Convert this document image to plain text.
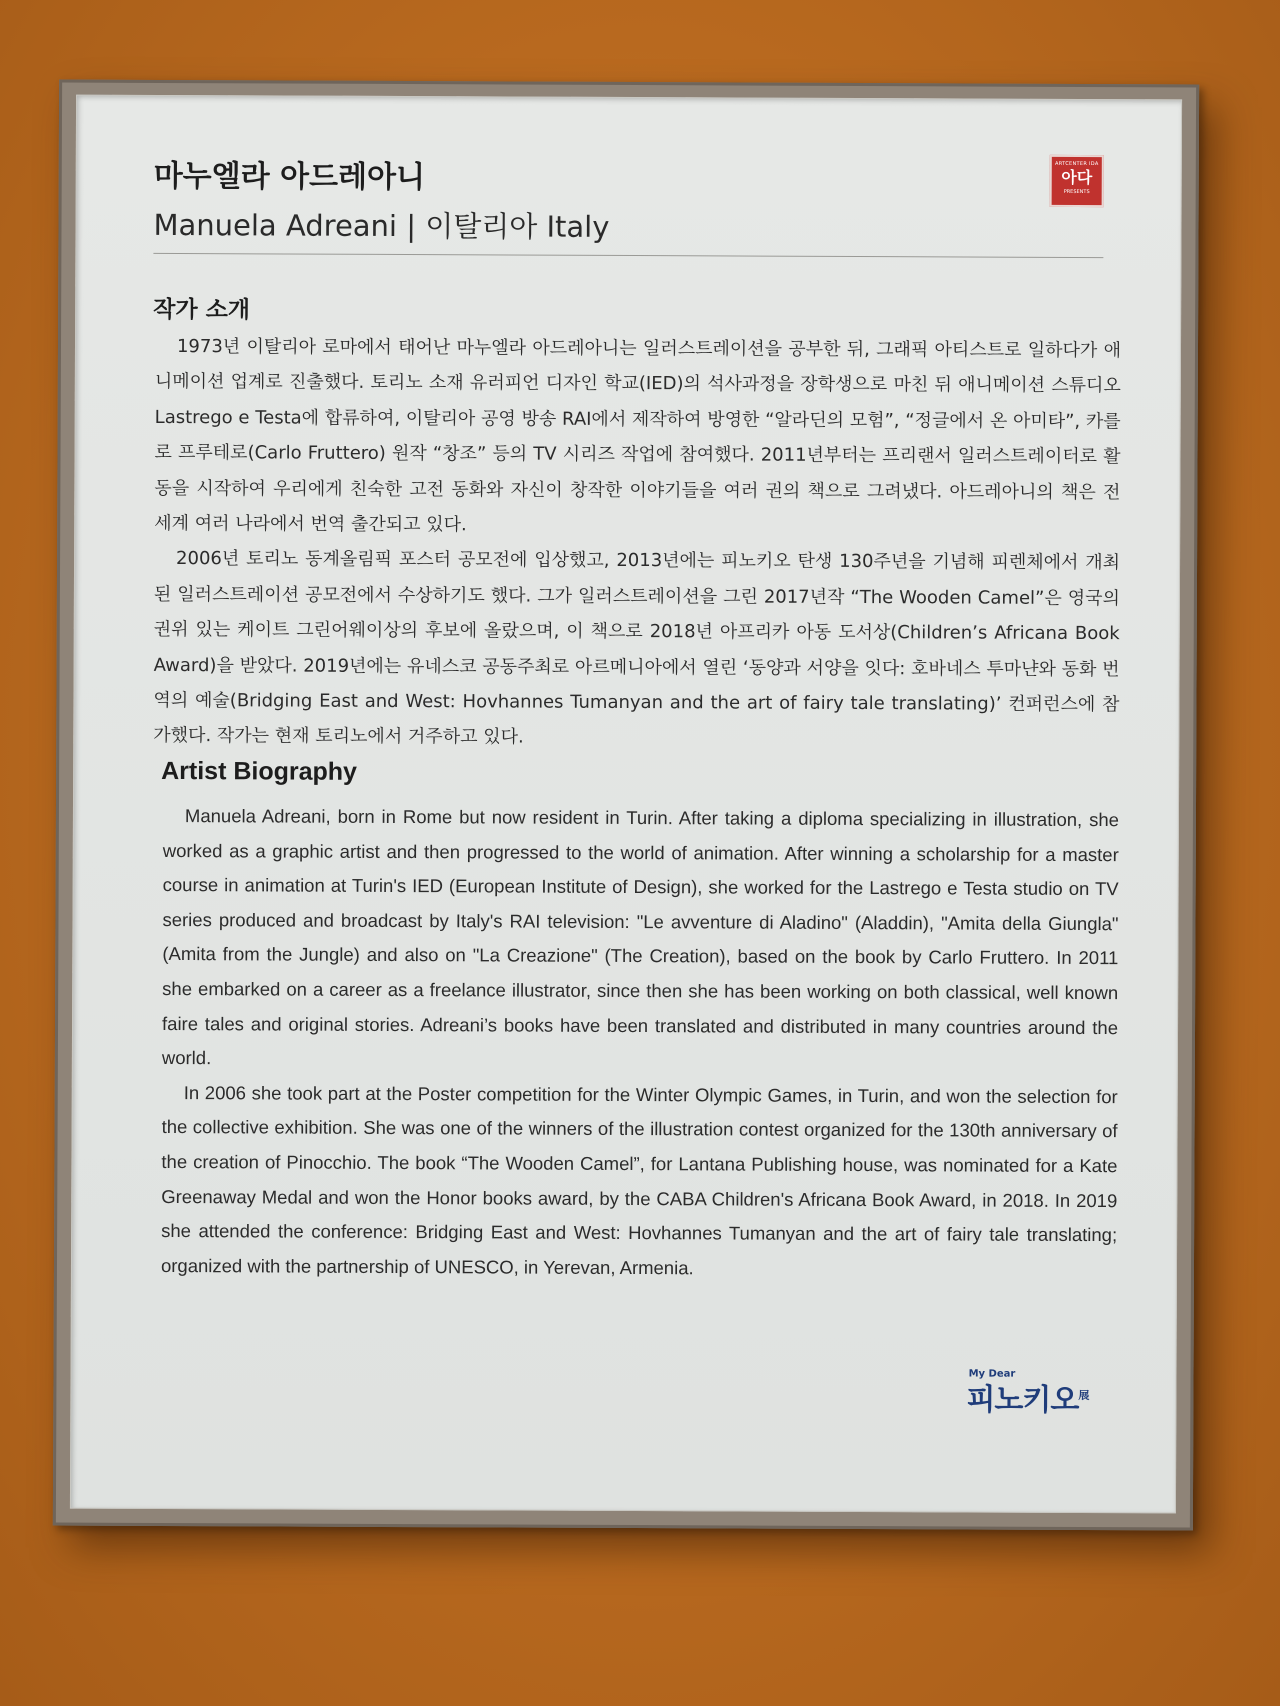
마누엘라 아드레아니

Manuela Adreani | 이탈리아 Italy

ARTCENTER IDA
아다
PRESENTS
작가 소개

1973년 이탈리아 로마에서 태어난 마누엘라 아드레아니는 일러스트레이션을 공부한 뒤, 그래픽 아티스트로 일하다가 애니메이션 업계로 진출했다. 토리노 소재 유러피언 디자인 학교(IED)의 석사과정을 장학생으로 마친 뒤 애니메이션 스튜디오 Lastrego e Testa에 합류하여, 이탈리아 공영 방송 RAI에서 제작하여 방영한 “알라딘의 모험”, “정글에서 온 아미타”, 카를로 프루테로(Carlo Fruttero) 원작 “창조” 등의 TV 시리즈 작업에 참여했다. 2011년부터는 프리랜서 일러스트레이터로 활동을 시작하여 우리에게 친숙한 고전 동화와 자신이 창작한 이야기들을 여러 권의 책으로 그려냈다. 아드레아니의 책은 전 세계 여러 나라에서 번역 출간되고 있다.

2006년 토리노 동계올림픽 포스터 공모전에 입상했고, 2013년에는 피노키오 탄생 130주년을 기념해 피렌체에서 개최된 일러스트레이션 공모전에서 수상하기도 했다. 그가 일러스트레이션을 그린 2017년작 “The Wooden Camel”은 영국의 권위 있는 케이트 그린어웨이상의 후보에 올랐으며, 이 책으로 2018년 아프리카 아동 도서상(Children’s Africana Book Award)을 받았다. 2019년에는 유네스코 공동주최로 아르메니아에서 열린 ‘동양과 서양을 잇다: 호바네스 투마냔와 동화 번역의 예술(Bridging East and West: Hovhannes Tumanyan and the art of fairy tale translating)’ 컨퍼런스에 참가했다. 작가는 현재 토리노에서 거주하고 있다.

Artist Biography

Manuela Adreani, born in Rome but now resident in Turin. After taking a diploma specializing in illustration, she worked as a graphic artist and then progressed to the world of animation. After winning a scholarship for a master course in animation at Turin's IED (European Institute of Design), she worked for the Lastrego e Testa studio on TV series produced and broadcast by Italy's RAI television: "Le avventure di Aladino" (Aladdin), "Amita della Giungla" (Amita from the Jungle) and also on "La Creazione" (The Creation), based on the book by Carlo Fruttero. In 2011 she embarked on a career as a freelance illustrator, since then she has been working on both classical, well known faire tales and original stories. Adreani’s books have been translated and distributed in many countries around the world.

In 2006 she took part at the Poster competition for the Winter Olympic Games, in Turin, and won the selection for the collective exhibition. She was one of the winners of the illustration contest organized for the 130th anniversary of the creation of Pinocchio. The book “The Wooden Camel”, for Lantana Publishing house, was nominated for a Kate Greenaway Medal and won the Honor books award, by the CABA Children's Africana Book Award, in 2018. In 2019 she attended the conference: Bridging East and West: Hovhannes Tumanyan and the art of fairy tale translating; organized with the partnership of UNESCO, in Yerevan, Armenia.

My Dear
피노키오$^展$
